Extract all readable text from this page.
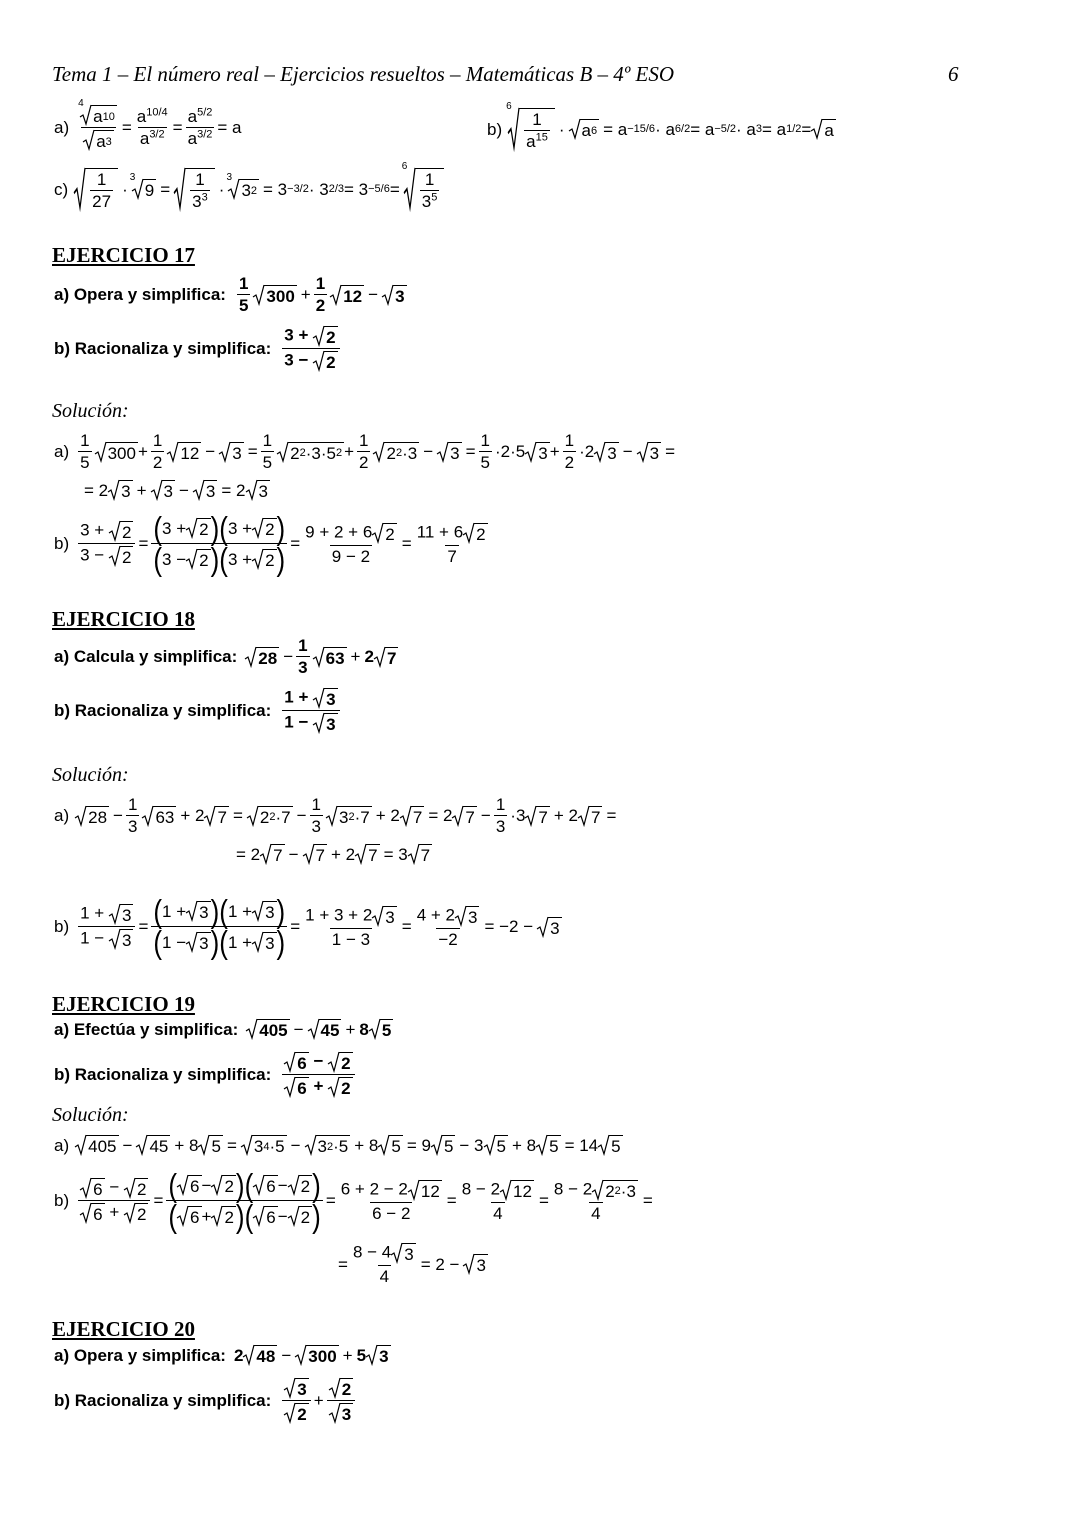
Tema 1 – El número real – Ejercicios resueltos – Matemáticas B – 4º ESO	6
a)
4
a 10
a 3
=
$a^{10/4}$
$a^{3/2}$ =
$a^{5/2}$
$a^{3/2} = a$	b)
6
1
$a^{15} \cdot a$ 6 = a −15/6 · a 6/2 = a −5/2 · a 3 = a 1/2 = a
c) 1
27
·
3
9 = 1
$3^3$ ·
3
3 2 = 3 −3/2 · 3 2/3 = 3 −5/6 =
6
1
$3^5$
EJERCICIO 17
a) Opera y simplifica:
1
5 $300 + \frac{1}{2} 12 - 3$
b) Racionaliza y simplifica:
3 + 2
3 − 2
Solución:
a)
1
5 300 +
1
2 12 − 3 =
1
5 2 2 ·3·5 2 +
1
2 2 2 ·3 − 3 =
1
5
·2·5 3 +
1
2
·2 3 − 3 =
= 2 3 + 3 − 3 = 2 3
b)
3 + 2
3 − 2
= ( 3 + 2 ) ( 3 + 2 )
( 3 − 2 ) ( 3 + 2 ) =
9 + 2 + 6 2
9 − 2
=
11 + 6 2
7
EJERCICIO 18
a) Calcula y simplifica: $28 - \frac{1}{3} 63 + 2$ 7
b) Racionaliza y simplifica:
1 + 3
1 − 3
Solución:
a) 28 −
1
3 63 + 2 7 = 2 2 ·7 −
1
3 3 2 ·7 + 2 7 = 2 7 −
1
3
·3 7 + 2 7 =
= 2 7 − 7 + 2 7 = 3 7
b)
1 + 3
1 − 3
= ( 1 + 3 ) ( 1 + 3 )
( 1 − 3 ) ( 1 + 3 ) =
1 + 3 + 2 3
1 − 3
=
4 + 2 3
−2
= −2 − 3
EJERCICIO 19
a) Efectúa y simplifica: 405 − 45 + 8 5
b) Racionaliza y simplifica:
6 − 2
6 + 2
Solución:
a) 405 − 45 + 8 5 = 3 4 ·5 − 3 2 ·5 + 8 5 = 9 5 − 3 5 + 8 5 = 14 5
b)
6 − 2
6 + 2
= ( 6 − 2 ) ( 6 − 2 )
( 6 + 2 ) ( 6 − 2 ) =
6 + 2 − 2 12
6 − 2
=
8 − 2 12
4
=
8 − 2 2 2 ·3
4
=
=
8 − 4 3
4
= 2 − 3
EJERCICIO 20
a) Opera y simplifica: 2 48 − 300 + 5 3
b) Racionaliza y simplifica:
3
2
+ $\frac{2}{3}$
